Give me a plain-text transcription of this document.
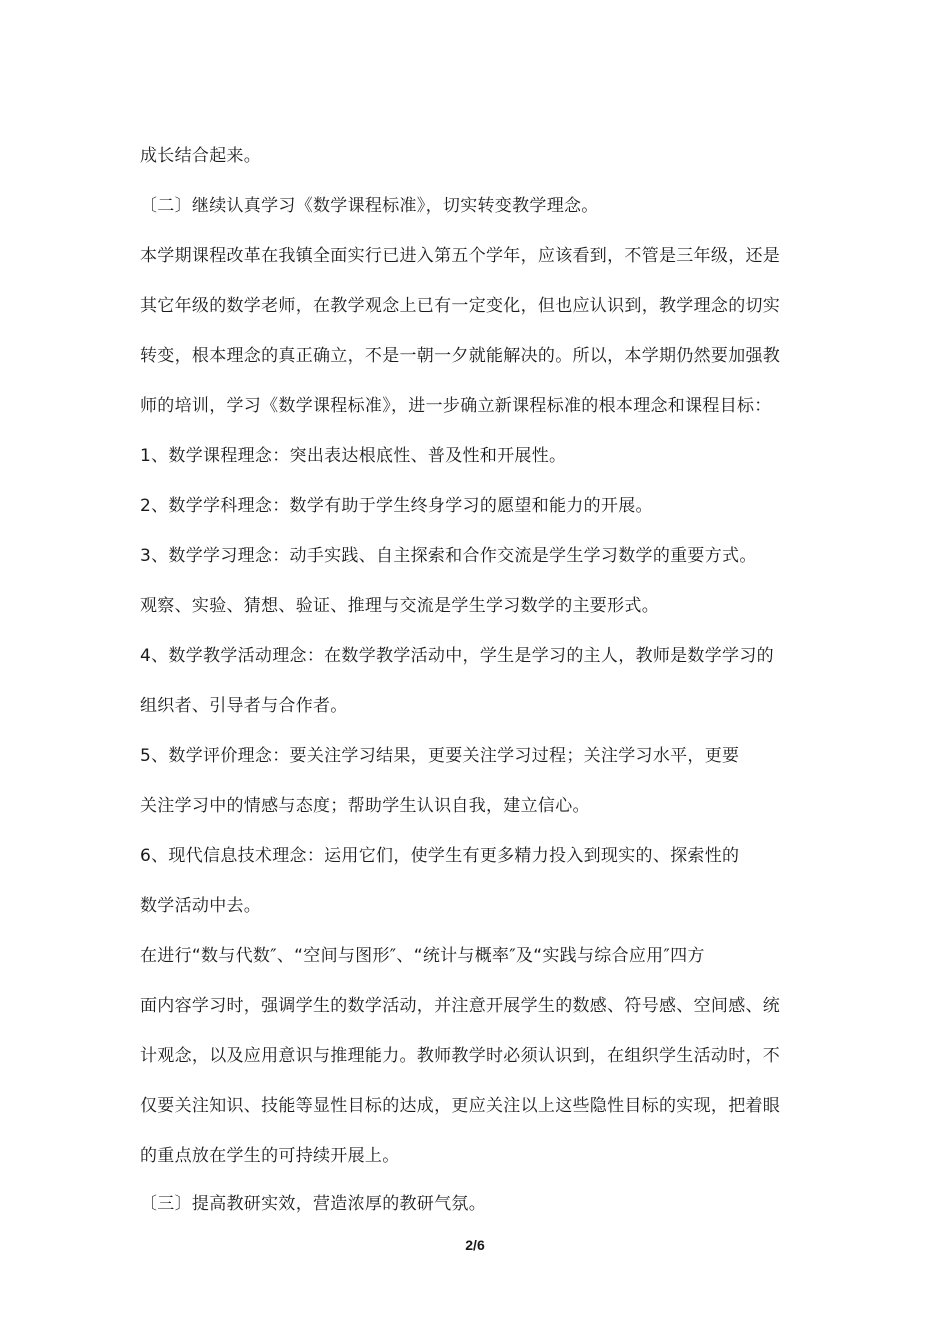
成长结合起来。
〔二〕继续认真学习《数学课程标准》，切实转变教学理念。
本学期课程改革在我镇全面实行已进入第五个学年，应该看到，不管是三年级，还是
其它年级的数学老师，在教学观念上已有一定变化，但也应认识到，教学理念的切实
转变，根本理念的真正确立，不是一朝一夕就能解决的。所以，本学期仍然要加强教
师的培训，学习《数学课程标准》，进一步确立新课程标准的根本理念和课程目标：
1、数学课程理念：突出表达根底性、普及性和开展性。
2、数学学科理念：数学有助于学生终身学习的愿望和能力的开展。
3、数学学习理念：动手实践、自主探索和合作交流是学生学习数学的重要方式。
观察、实验、猜想、验证、推理与交流是学生学习数学的主要形式。
4、数学教学活动理念：在数学教学活动中，学生是学习的主人，教师是数学学习的
组织者、引导者与合作者。
5、数学评价理念：要关注学习结果，更要关注学习过程；关注学习水平，更要
关注学习中的情感与态度；帮助学生认识自我，建立信心。
6、现代信息技术理念：运用它们，使学生有更多精力投入到现实的、探索性的
数学活动中去。
在进行“数与代数″、“空间与图形″、“统计与概率″及“实践与综合应用″四方
面内容学习时，强调学生的数学活动，并注意开展学生的数感、符号感、空间感、统
计观念，以及应用意识与推理能力。教师教学时必须认识到，在组织学生活动时，不
仅要关注知识、技能等显性目标的达成，更应关注以上这些隐性目标的实现，把着眼
的重点放在学生的可持续开展上。
〔三〕提高教研实效，营造浓厚的教研气氛。
2/6
